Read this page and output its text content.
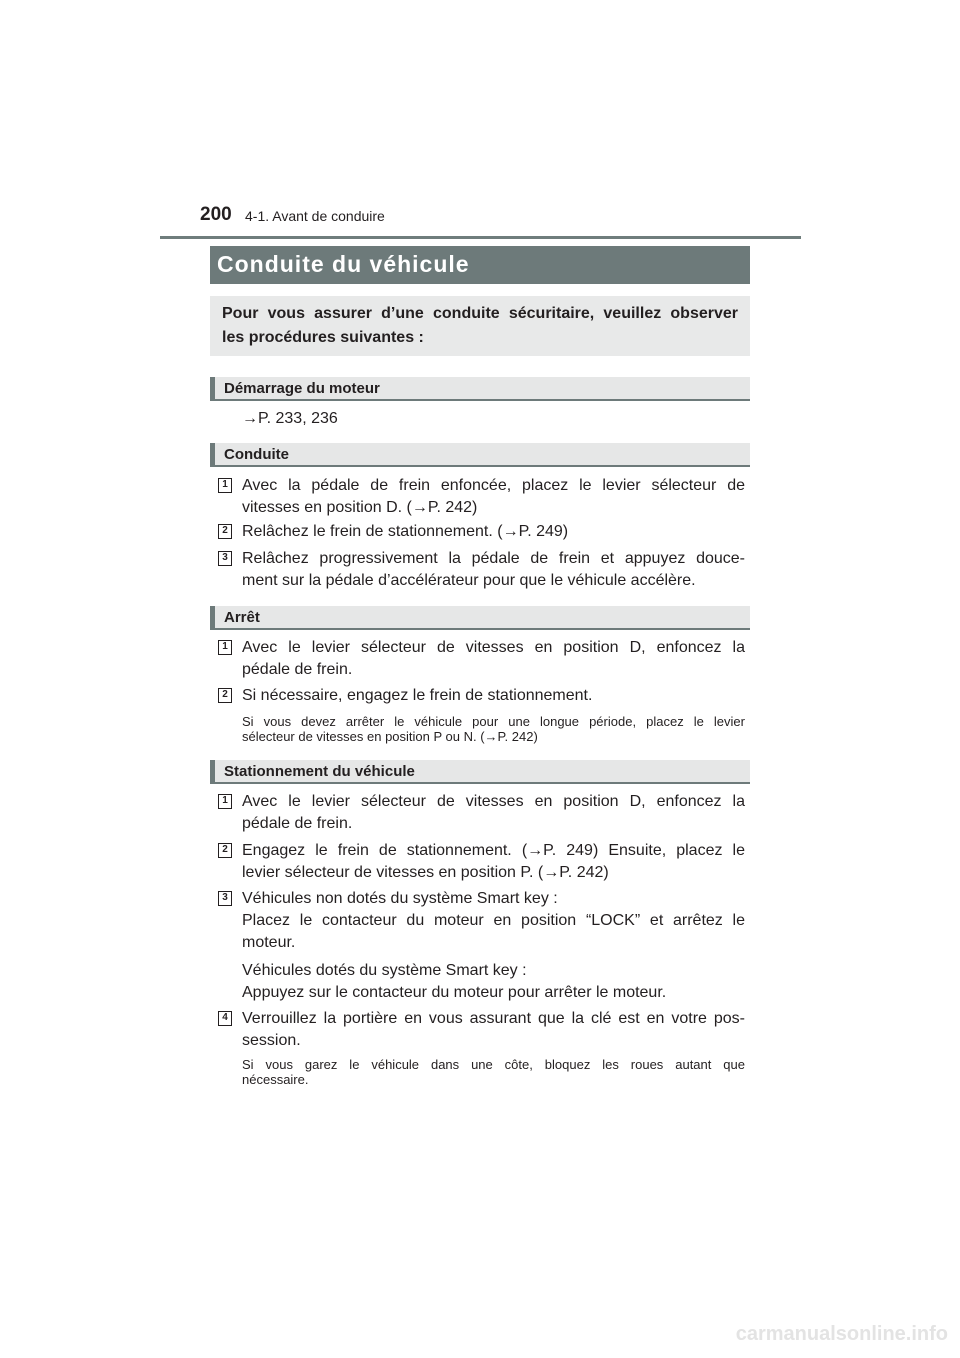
200 4-1. Avant de conduire
Conduite du véhicule
Pour vous assurer d’une conduite sécuritaire, veuillez observer
les procédures suivantes :
Démarrage du moteur
→P. 233, 236
Conduite
1 Avec la pédale de frein enfoncée, placez le levier sélecteur de
vitesses en position D. (→P. 242)
2 Relâchez le frein de stationnement. (→P. 249)
3 Relâchez progressivement la pédale de frein et appuyez douce-
ment sur la pédale d’accélérateur pour que le véhicule accélère.
Arrêt
1 Avec le levier sélecteur de vitesses en position D, enfoncez la
pédale de frein.
2 Si nécessaire, engagez le frein de stationnement.
Si vous devez arrêter le véhicule pour une longue période, placez le levier
sélecteur de vitesses en position P ou N. (→P. 242)
Stationnement du véhicule
1 Avec le levier sélecteur de vitesses en position D, enfoncez la
pédale de frein.
2 Engagez le frein de stationnement. (→P. 249) Ensuite, placez le
levier sélecteur de vitesses en position P. (→P. 242)
3 Véhicules non dotés du système Smart key :
Placez le contacteur du moteur en position “LOCK” et arrêtez le
moteur.
Véhicules dotés du système Smart key :
Appuyez sur le contacteur du moteur pour arrêter le moteur.
4 Verrouillez la portière en vous assurant que la clé est en votre pos-
session.
Si vous garez le véhicule dans une côte, bloquez les roues autant que
nécessaire.
carmanualsonline.info
